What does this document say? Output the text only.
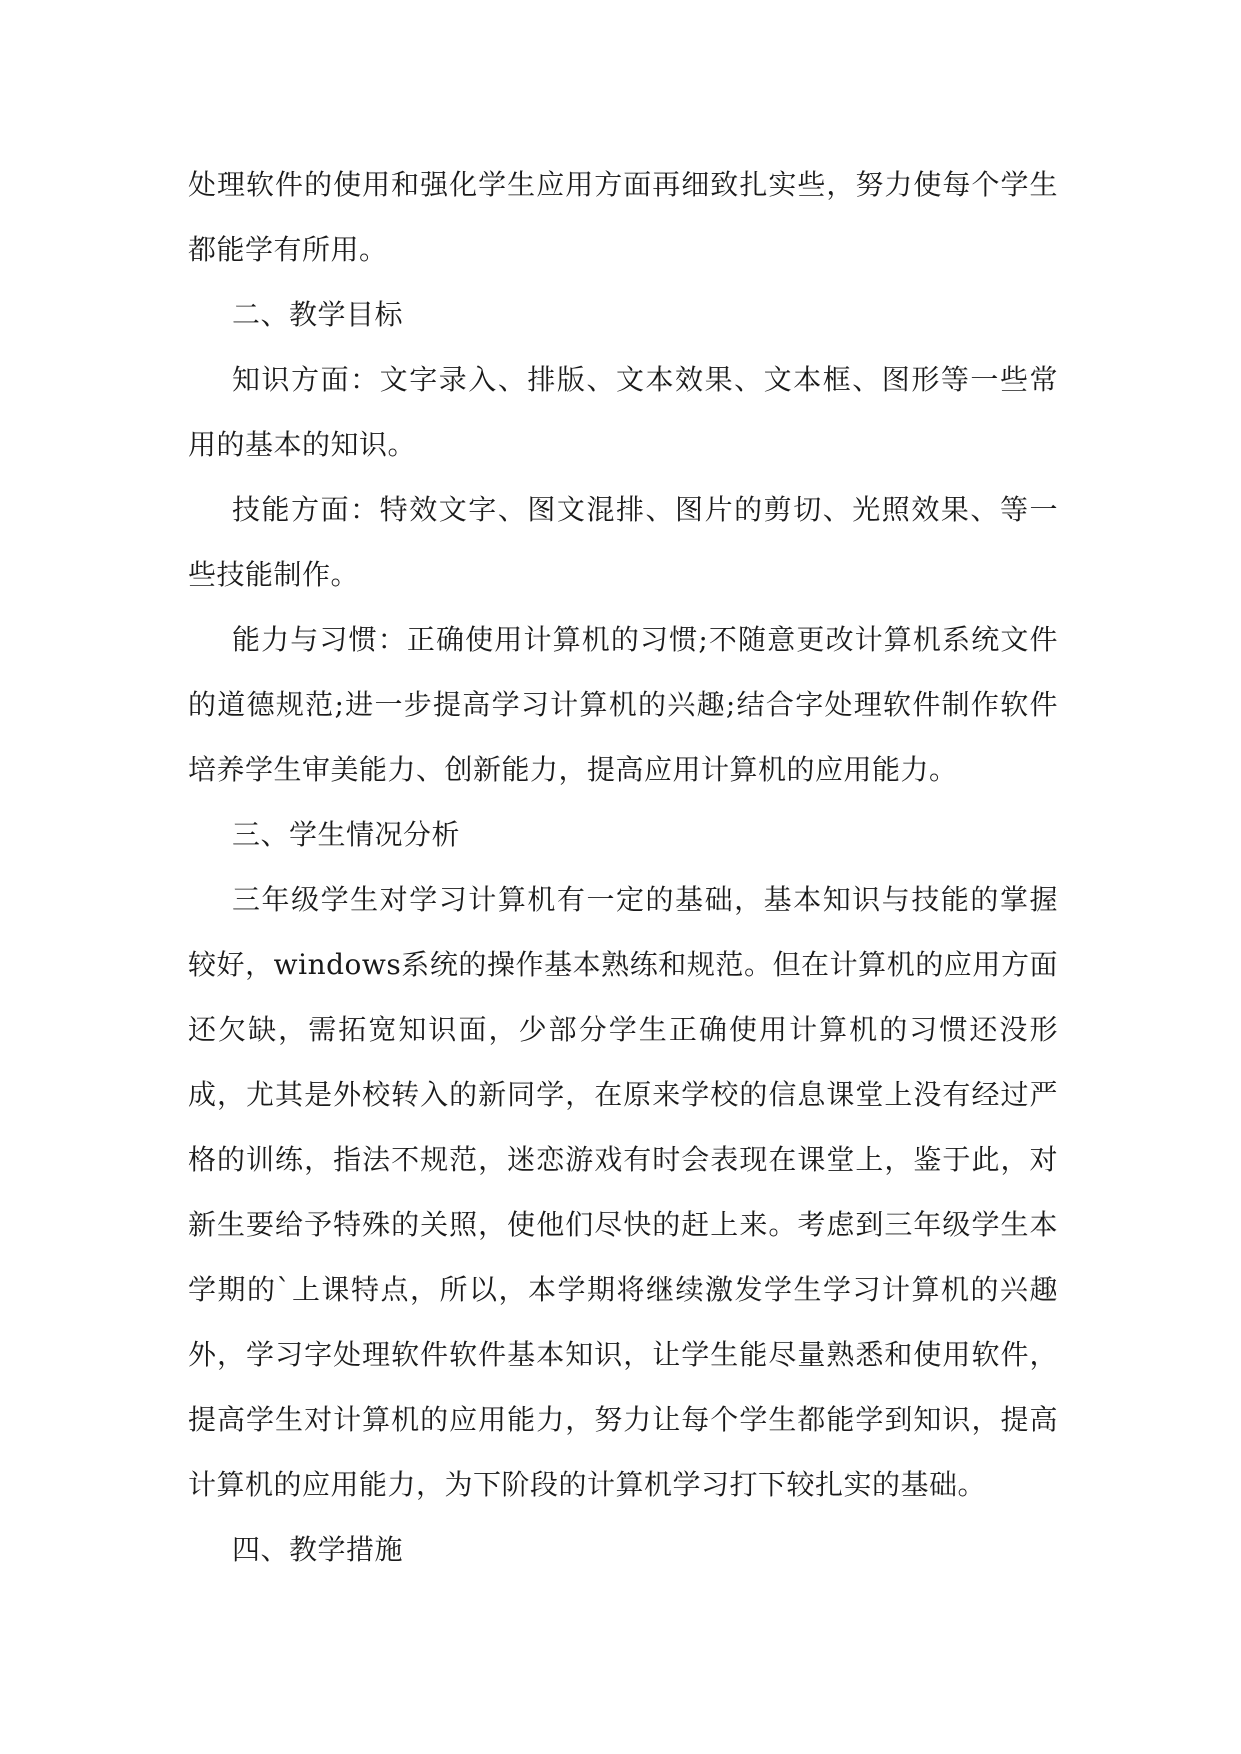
处理软件的使用和强化学生应用方面再细致扎实些，努力使每个学生都能学有所用。

二、教学目标

知识方面：文字录入、排版、文本效果、文本框、图形等一些常用的基本的知识。

技能方面：特效文字、图文混排、图片的剪切、光照效果、等一些技能制作。

能力与习惯：正确使用计算机的习惯;不随意更改计算机系统文件的道德规范;进一步提高学习计算机的兴趣;结合字处理软件制作软件培养学生审美能力、创新能力，提高应用计算机的应用能力。

三、学生情况分析

三年级学生对学习计算机有一定的基础，基本知识与技能的掌握较好，windows系统的操作基本熟练和规范。但在计算机的应用方面还欠缺，需拓宽知识面，少部分学生正确使用计算机的习惯还没形成，尤其是外校转入的新同学，在原来学校的信息课堂上没有经过严格的训练，指法不规范，迷恋游戏有时会表现在课堂上，鉴于此，对新生要给予特殊的关照，使他们尽快的赶上来。考虑到三年级学生本学期的`上课特点，所以，本学期将继续激发学生学习计算机的兴趣外，学习字处理软件软件基本知识，让学生能尽量熟悉和使用软件，提高学生对计算机的应用能力，努力让每个学生都能学到知识，提高计算机的应用能力，为下阶段的计算机学习打下较扎实的基础。

四、教学措施
